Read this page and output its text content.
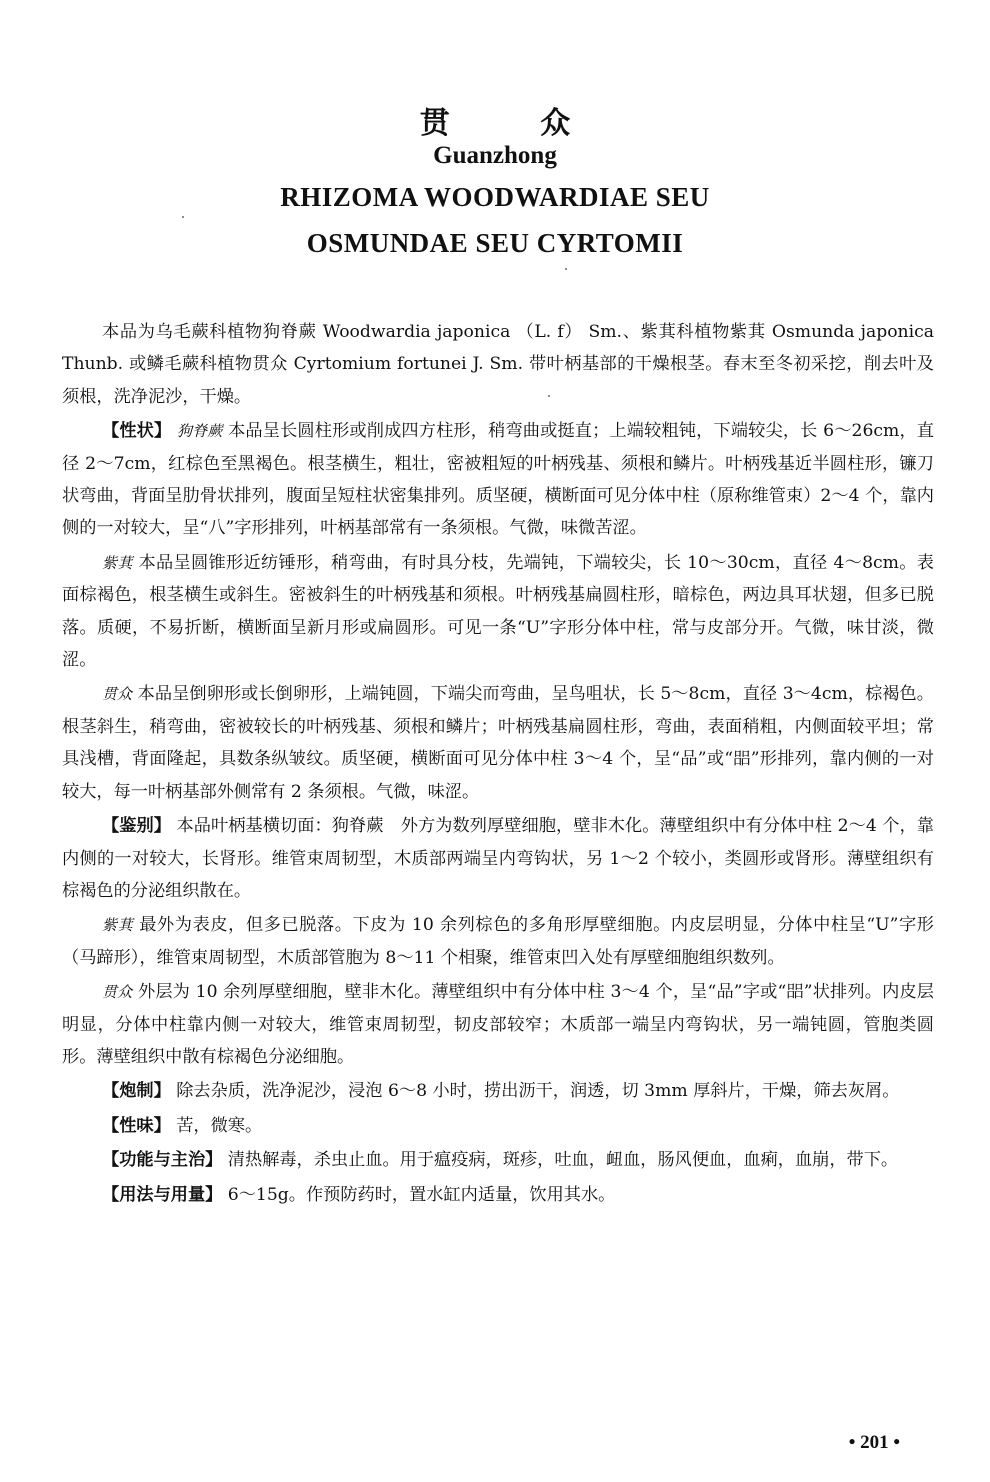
贯 众
Guanzhong
RHIZOMA WOODWARDIAE SEU
OSMUNDAE SEU CYRTOMII

本品为乌毛蕨科植物狗脊蕨 Woodwardia japonica （L. f） Sm.、紫萁科植物紫萁 Osmunda japonica Thunb. 或鳞毛蕨科植物贯众 Cyrtomium fortunei J. Sm. 带叶柄基部的干燥根茎。春末至冬初采挖，削去叶及须根，洗净泥沙，干燥。

【性状】 狗脊蕨 本品呈长圆柱形或削成四方柱形，稍弯曲或挺直；上端较粗钝，下端较尖，长 6～26cm，直径 2～7cm，红棕色至黑褐色。根茎横生，粗壮，密被粗短的叶柄残基、须根和鳞片。叶柄残基近半圆柱形，镰刀状弯曲，背面呈肋骨状排列，腹面呈短柱状密集排列。质坚硬，横断面可见分体中柱（原称维管束）2～4 个，靠内侧的一对较大，呈“八”字形排列，叶柄基部常有一条须根。气微，味微苦涩。

紫萁 本品呈圆锥形近纺锤形，稍弯曲，有时具分枝，先端钝，下端较尖，长 10～30cm，直径 4～8cm。表面棕褐色，根茎横生或斜生。密被斜生的叶柄残基和须根。叶柄残基扁圆柱形，暗棕色，两边具耳状翅，但多已脱落。质硬，不易折断，横断面呈新月形或扁圆形。可见一条“U”字形分体中柱，常与皮部分开。气微，味甘淡，微涩。

贯众 本品呈倒卵形或长倒卵形，上端钝圆，下端尖而弯曲，呈鸟咀状，长 5～8cm，直径 3～4cm，棕褐色。根茎斜生，稍弯曲，密被较长的叶柄残基、须根和鳞片；叶柄残基扁圆柱形，弯曲，表面稍粗，内侧面较平坦；常具浅槽，背面隆起，具数条纵皱纹。质坚硬，横断面可见分体中柱 3～4 个，呈“品”或“㗊”形排列，靠内侧的一对较大，每一叶柄基部外侧常有 2 条须根。气微，味涩。

【鉴别】 本品叶柄基横切面：狗脊蕨　外方为数列厚壁细胞，壁非木化。薄壁组织中有分体中柱 2～4 个，靠内侧的一对较大，长肾形。维管束周韧型，木质部两端呈内弯钩状，另 1～2 个较小，类圆形或肾形。薄壁组织有棕褐色的分泌组织散在。

紫萁 最外为表皮，但多已脱落。下皮为 10 余列棕色的多角形厚壁细胞。内皮层明显，分体中柱呈“U”字形（马蹄形），维管束周韧型，木质部管胞为 8～11 个相聚，维管束凹入处有厚壁细胞组织数列。

贯众 外层为 10 余列厚壁细胞，壁非木化。薄壁组织中有分体中柱 3～4 个，呈“品”字或“㗊”状排列。内皮层明显，分体中柱靠内侧一对较大，维管束周韧型，韧皮部较窄；木质部一端呈内弯钩状，另一端钝圆，管胞类圆形。薄壁组织中散有棕褐色分泌细胞。

【炮制】 除去杂质，洗净泥沙，浸泡 6～8 小时，捞出沥干，润透，切 3mm 厚斜片，干燥，筛去灰屑。

【性味】 苦，微寒。

【功能与主治】 清热解毒，杀虫止血。用于瘟疫病，斑疹，吐血，衄血，肠风便血，血痢，血崩，带下。

【用法与用量】 6～15g。作预防药时，置水缸内适量，饮用其水。

• 201 •
